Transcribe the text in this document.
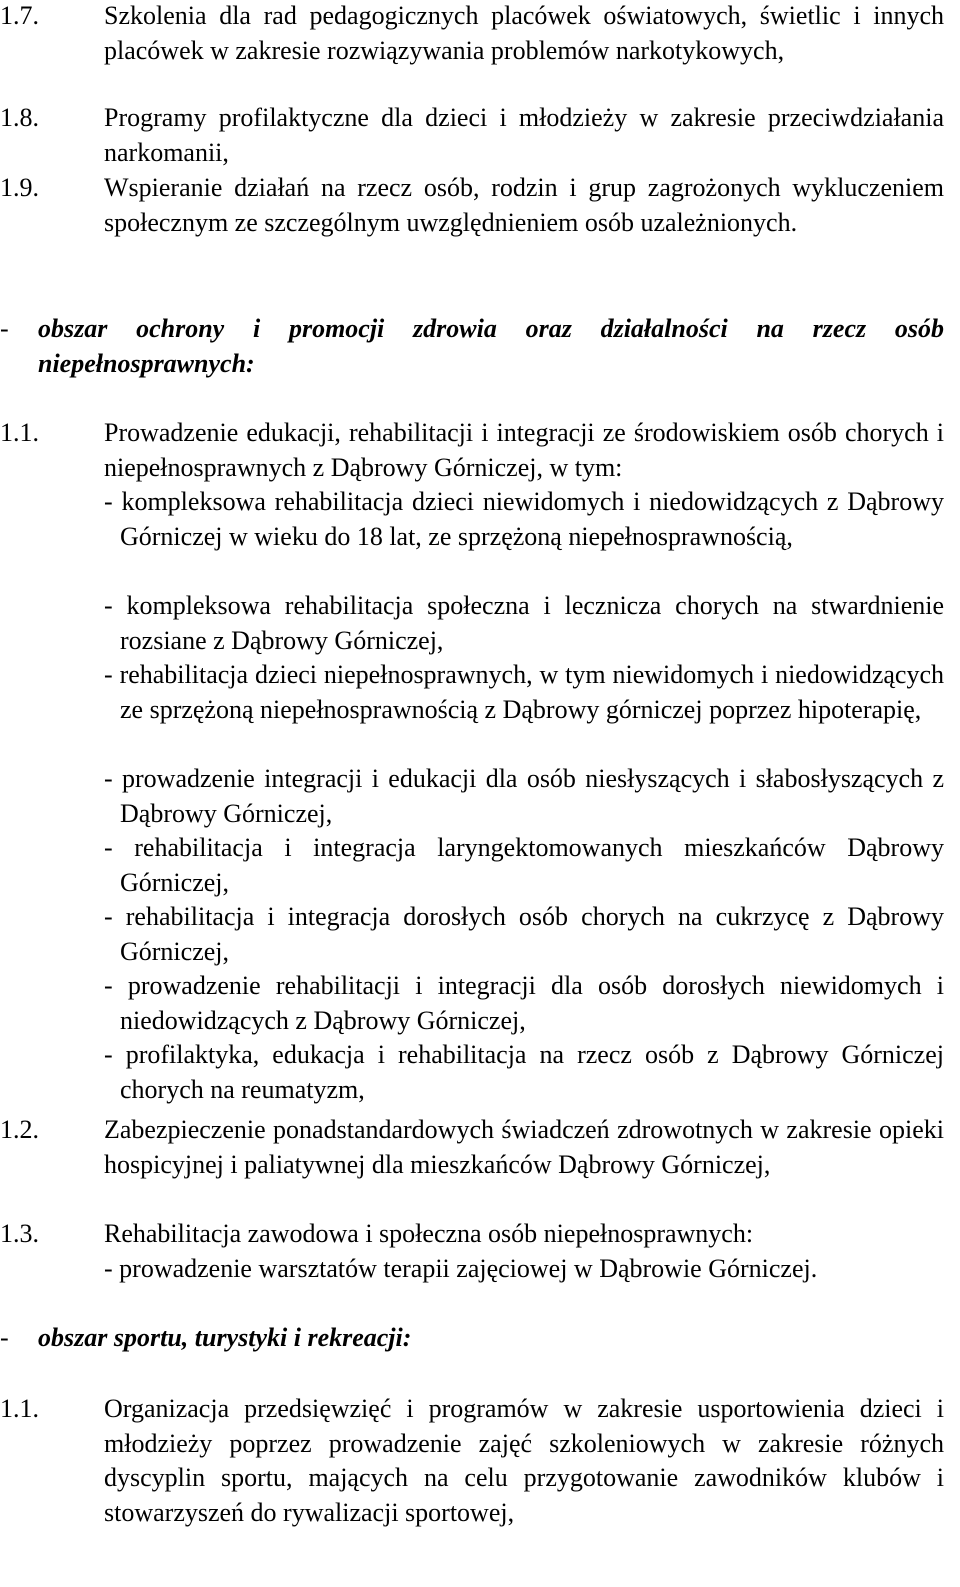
1.7.	Szkolenia dla rad pedagogicznych placówek oświatowych, świetlic i innych placówek w zakresie rozwiązywania problemów narkotykowych,
1.8.	Programy profilaktyczne dla dzieci i młodzieży w zakresie przeciwdziałania narkomanii,
1.9.	Wspieranie działań na rzecz osób, rodzin i grup zagrożonych wykluczeniem społecznym ze szczególnym uwzględnieniem osób uzależnionych.
-	obszar ochrony i promocji zdrowia oraz działalności na rzecz osób niepełnosprawnych:
1.1.	Prowadzenie edukacji, rehabilitacji i integracji ze środowiskiem osób chorych i niepełnosprawnych z Dąbrowy Górniczej, w tym:
- kompleksowa rehabilitacja dzieci niewidomych i niedowidzących z Dąbrowy Górniczej w wieku do 18 lat, ze sprzężoną niepełnosprawnością,
- kompleksowa rehabilitacja społeczna i lecznicza chorych na stwardnienie rozsiane z Dąbrowy Górniczej,
- rehabilitacja dzieci niepełnosprawnych, w tym niewidomych i niedowidzących ze sprzężoną niepełnosprawnością z Dąbrowy górniczej poprzez hipoterapię,
- prowadzenie integracji i edukacji dla osób niesłyszących i słabosłyszących z Dąbrowy Górniczej,
- rehabilitacja i integracja laryngektomowanych mieszkańców Dąbrowy Górniczej,
- rehabilitacja i integracja dorosłych osób chorych na cukrzycę z Dąbrowy Górniczej,
- prowadzenie rehabilitacji i integracji dla osób dorosłych niewidomych i niedowidzących z Dąbrowy Górniczej,
- profilaktyka, edukacja i rehabilitacja na rzecz osób z Dąbrowy Górniczej chorych na reumatyzm,
1.2.	Zabezpieczenie ponadstandardowych świadczeń zdrowotnych w zakresie opieki hospicyjnej i paliatywnej dla mieszkańców Dąbrowy Górniczej,
1.3.	Rehabilitacja zawodowa i społeczna osób niepełnosprawnych:
- prowadzenie warsztatów terapii zajęciowej w Dąbrowie Górniczej.
-	obszar sportu, turystyki i rekreacji:
1.1.	Organizacja przedsięwzięć i programów w zakresie usportowienia dzieci i młodzieży poprzez prowadzenie zajęć szkoleniowych w zakresie różnych dyscyplin sportu, mających na celu przygotowanie zawodników klubów i stowarzyszeń do rywalizacji sportowej,
